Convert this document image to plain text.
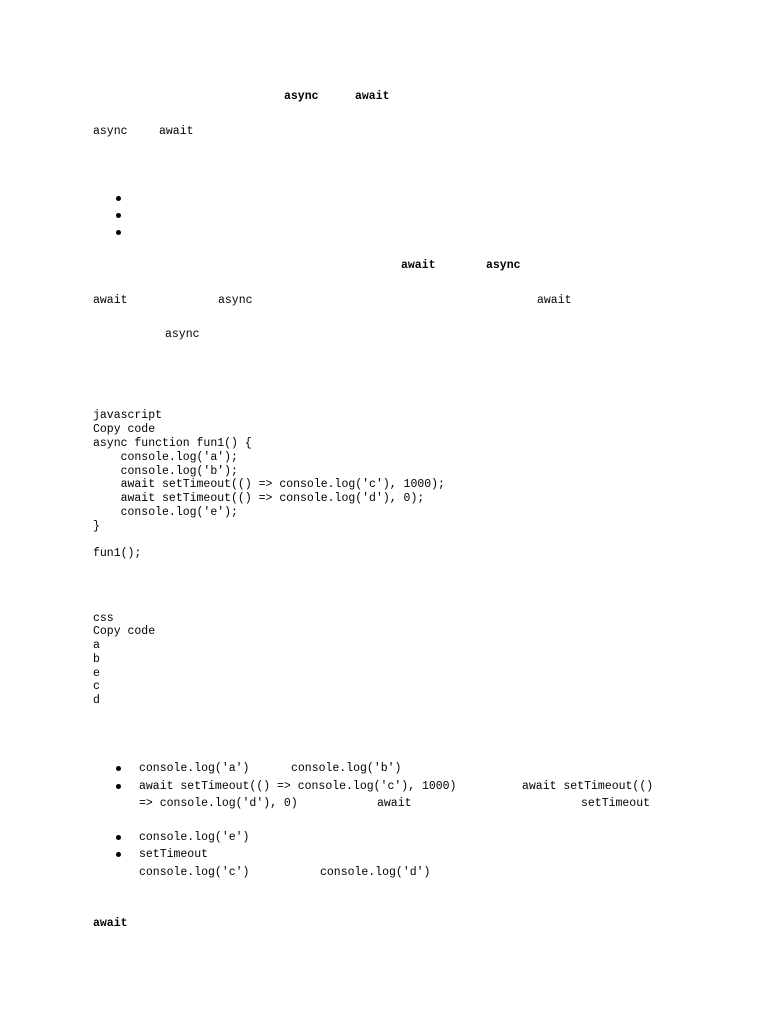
async	await
async	await
await	async
await	async	await
async
javascript
Copy code
async function fun1() {
console.log('a');
console.log('b');
await setTimeout(() => console.log('c'), 1000);
await setTimeout(() => console.log('d'), 0);
console.log('e');
}

fun1();
css
Copy code
a
b
e
c
d
console.log('a')	console.log('b')
await setTimeout(() => console.log('c'), 1000)	await setTimeout(()
=> console.log('d'), 0)	await	setTimeout
console.log('e')
setTimeout
console.log('c')	console.log('d')
await
